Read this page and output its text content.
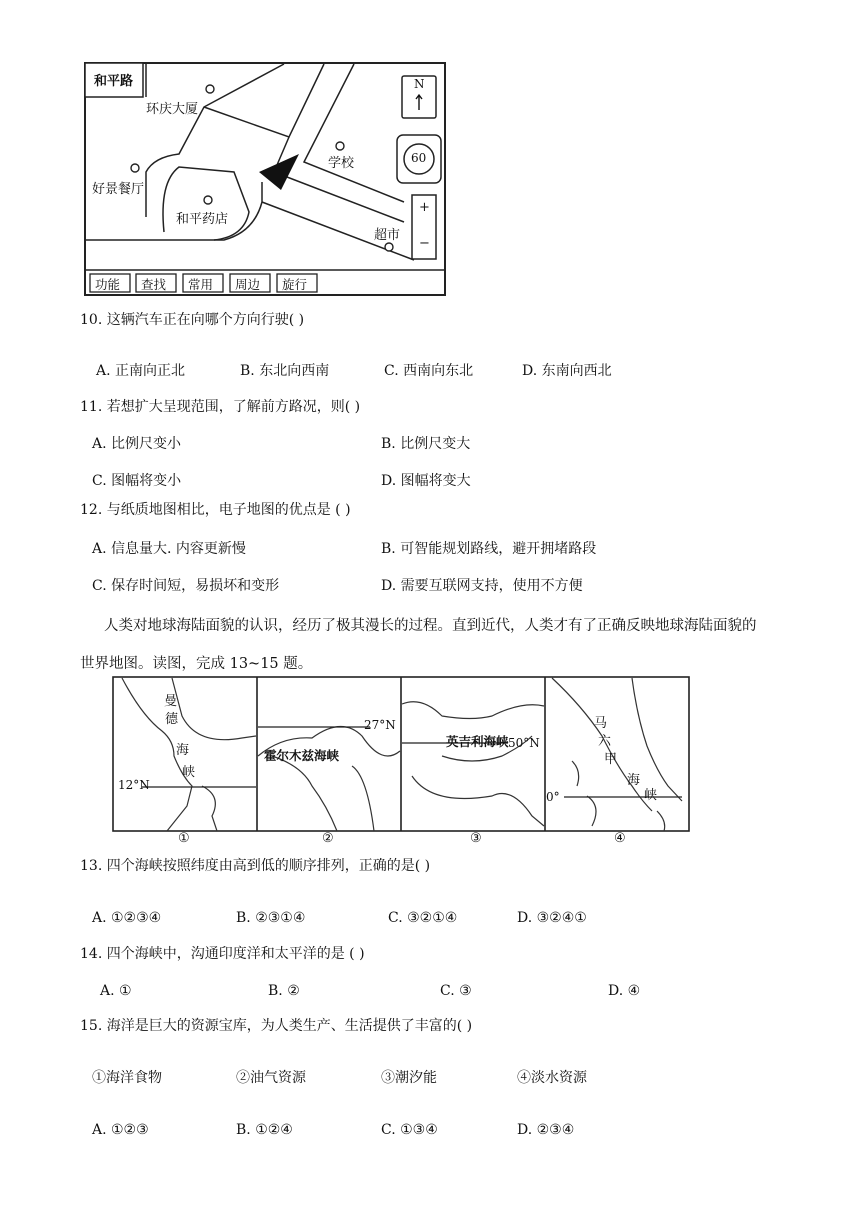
和平路
环庆大厦
好景餐厅
和平药店
学校
超市
N
60
+
−
功能 查找 常用 周边 旋行
10. 这辆汽车正在向哪个方向行驶( )
A. 正南向正北	B. 东北向西南	C. 西南向东北	D. 东南向西北
11. 若想扩大呈现范围，了解前方路况，则( )
A. 比例尺变小	B. 比例尺变大
C. 图幅将变小	D. 图幅将变大
12. 与纸质地图相比，电子地图的优点是 ( )
A. 信息量大. 内容更新慢	B. 可智能规划路线，避开拥堵路段
C. 保存时间短，易损坏和变形	D. 需要互联网支持，使用不方便
人类对地球海陆面貌的认识，经历了极其漫长的过程。直到近代，人类才有了正确反映地球海陆面貌的
世界地图。读图，完成 13~15 题。
曼
德
海
峡
12°N
①
霍尔木兹海峡
27°N
②
英吉利海峡 50°N
③
马
六
甲
海
峡
0°
④
13. 四个海峡按照纬度由高到低的顺序排列，正确的是( )
A. ①②③④	B. ②③①④	C. ③②①④	D. ③②④①
14. 四个海峡中，沟通印度洋和太平洋的是 ( )
A. ①	B. ②	C. ③	D. ④
15. 海洋是巨大的资源宝库，为人类生产、生活提供了丰富的( )
①海洋食物	②油气资源	③潮汐能	④淡水资源
A. ①②③	B. ①②④	C. ①③④	D. ②③④
